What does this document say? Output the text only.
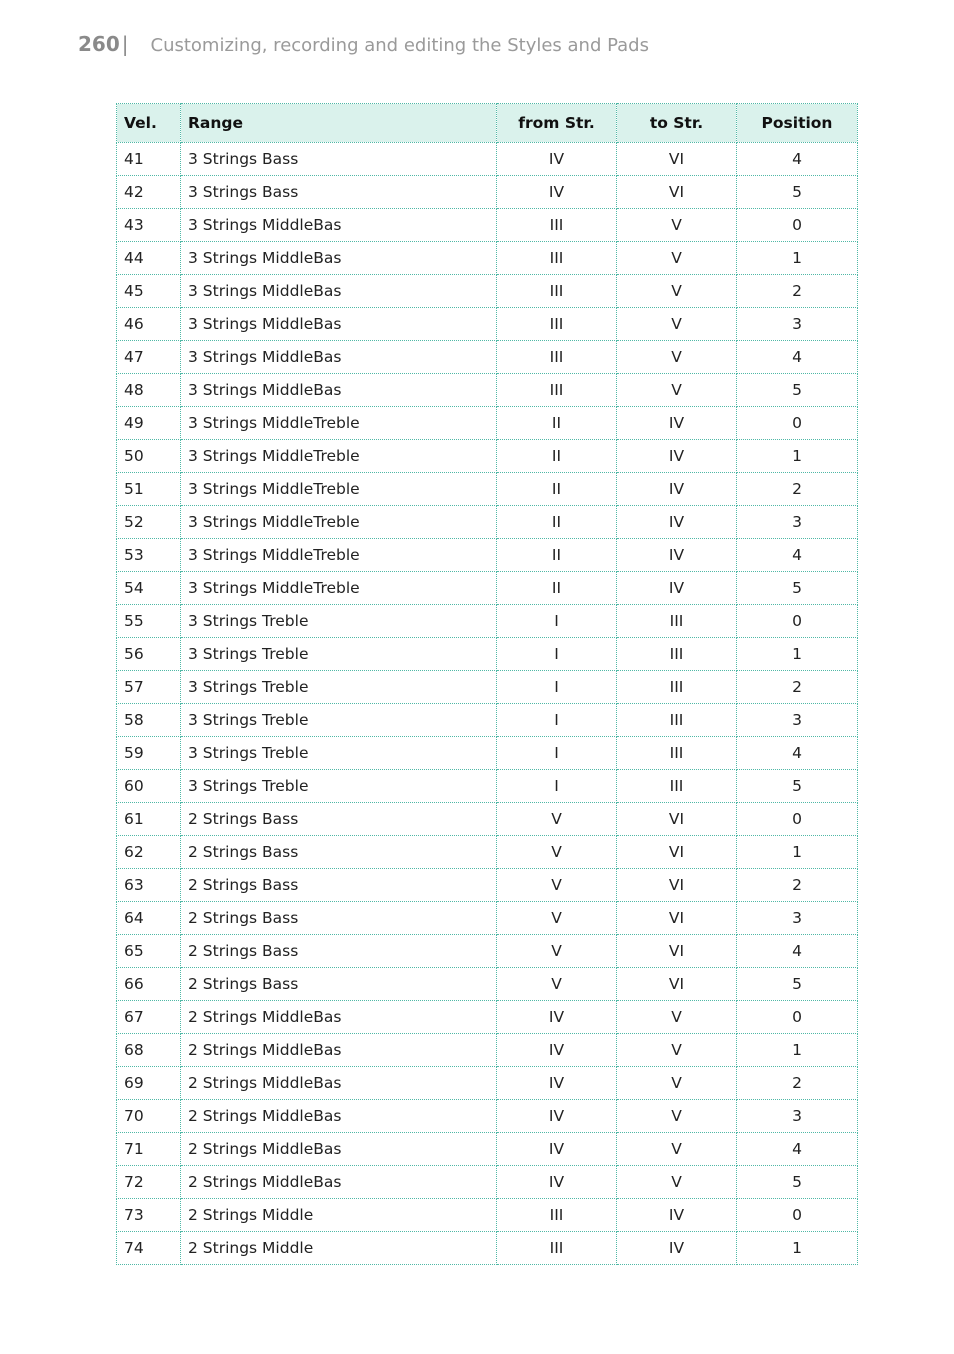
260 | Customizing, recording and editing the Styles and Pads
Vel.	Range	from Str.	to Str.	Position
41	3 Strings Bass	IV	VI	4
42	3 Strings Bass	IV	VI	5
43	3 Strings MiddleBas	III	V	0
44	3 Strings MiddleBas	III	V	1
45	3 Strings MiddleBas	III	V	2
46	3 Strings MiddleBas	III	V	3
47	3 Strings MiddleBas	III	V	4
48	3 Strings MiddleBas	III	V	5
49	3 Strings MiddleTreble	II	IV	0
50	3 Strings MiddleTreble	II	IV	1
51	3 Strings MiddleTreble	II	IV	2
52	3 Strings MiddleTreble	II	IV	3
53	3 Strings MiddleTreble	II	IV	4
54	3 Strings MiddleTreble	II	IV	5
55	3 Strings Treble	I	III	0
56	3 Strings Treble	I	III	1
57	3 Strings Treble	I	III	2
58	3 Strings Treble	I	III	3
59	3 Strings Treble	I	III	4
60	3 Strings Treble	I	III	5
61	2 Strings Bass	V	VI	0
62	2 Strings Bass	V	VI	1
63	2 Strings Bass	V	VI	2
64	2 Strings Bass	V	VI	3
65	2 Strings Bass	V	VI	4
66	2 Strings Bass	V	VI	5
67	2 Strings MiddleBas	IV	V	0
68	2 Strings MiddleBas	IV	V	1
69	2 Strings MiddleBas	IV	V	2
70	2 Strings MiddleBas	IV	V	3
71	2 Strings MiddleBas	IV	V	4
72	2 Strings MiddleBas	IV	V	5
73	2 Strings Middle	III	IV	0
74	2 Strings Middle	III	IV	1
